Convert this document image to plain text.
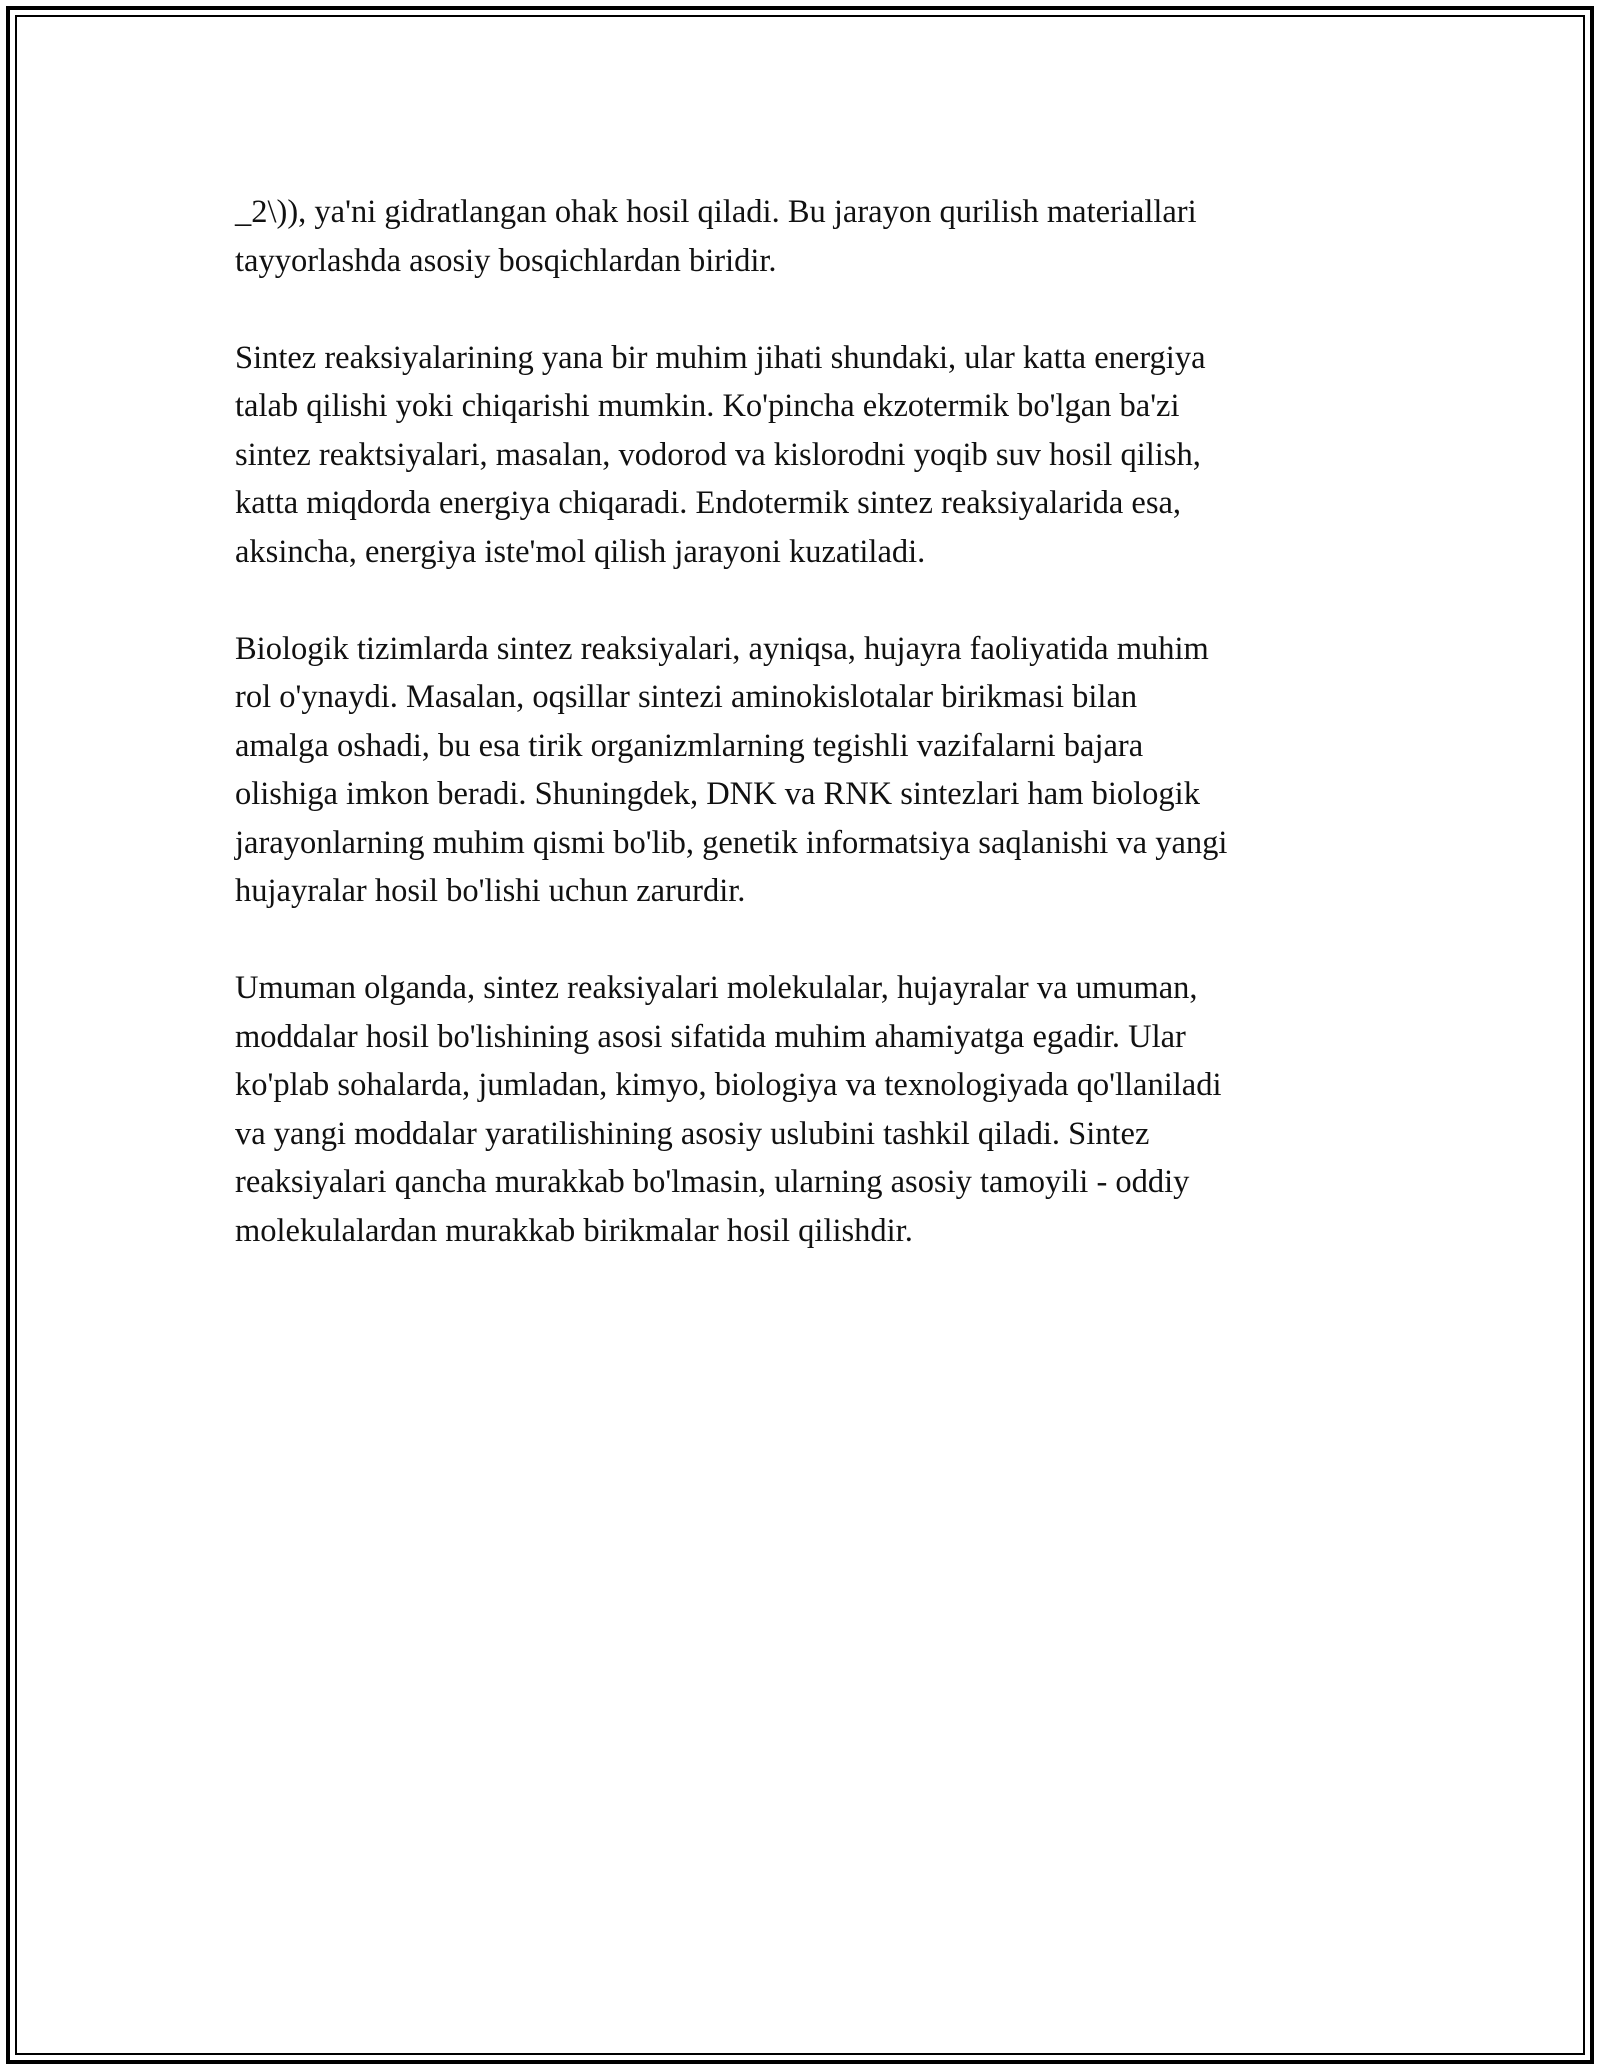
_2\)), ya'ni gidratlangan ohak hosil qiladi. Bu jarayon qurilish materiallari
tayyorlashda asosiy bosqichlardan biridir.

Sintez reaksiyalarining yana bir muhim jihati shundaki, ular katta energiya
talab qilishi yoki chiqarishi mumkin. Ko'pincha ekzotermik bo'lgan ba'zi
sintez reaktsiyalari, masalan, vodorod va kislorodni yoqib suv hosil qilish,
katta miqdorda energiya chiqaradi. Endotermik sintez reaksiyalarida esa,
aksincha, energiya iste'mol qilish jarayoni kuzatiladi.

Biologik tizimlarda sintez reaksiyalari, ayniqsa, hujayra faoliyatida muhim
rol o'ynaydi. Masalan, oqsillar sintezi aminokislotalar birikmasi bilan
amalga oshadi, bu esa tirik organizmlarning tegishli vazifalarni bajara
olishiga imkon beradi. Shuningdek, DNK va RNK sintezlari ham biologik
jarayonlarning muhim qismi bo'lib, genetik informatsiya saqlanishi va yangi
hujayralar hosil bo'lishi uchun zarurdir.

Umuman olganda, sintez reaksiyalari molekulalar, hujayralar va umuman,
moddalar hosil bo'lishining asosi sifatida muhim ahamiyatga egadir. Ular
ko'plab sohalarda, jumladan, kimyo, biologiya va texnologiyada qo'llaniladi
va yangi moddalar yaratilishining asosiy uslubini tashkil qiladi. Sintez
reaksiyalari qancha murakkab bo'lmasin, ularning asosiy tamoyili - oddiy
molekulalardan murakkab birikmalar hosil qilishdir.
